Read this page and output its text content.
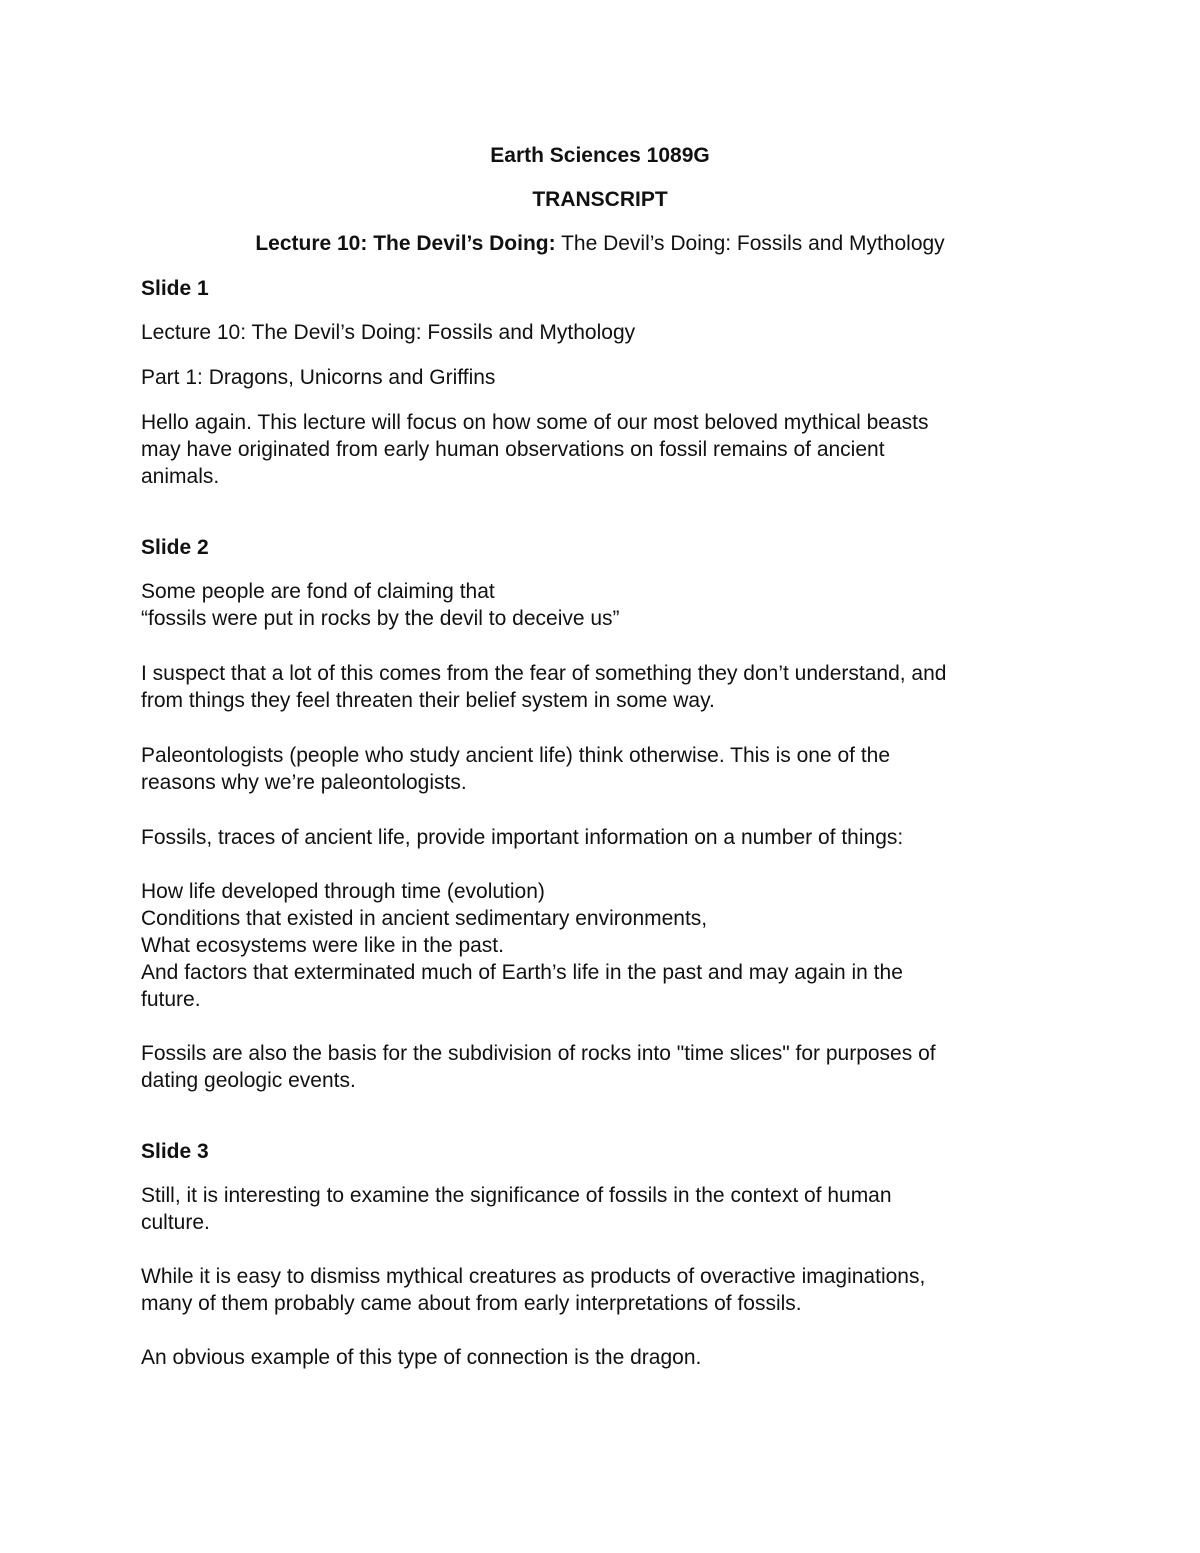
Earth Sciences 1089G
TRANSCRIPT
Lecture 10: The Devil’s Doing: The Devil’s Doing: Fossils and Mythology
Slide 1
Lecture 10: The Devil’s Doing: Fossils and Mythology
Part 1: Dragons, Unicorns and Griffins
Hello again. This lecture will focus on how some of our most beloved mythical beasts
may have originated from early human observations on fossil remains of ancient
animals.
Slide 2
Some people are fond of claiming that
“fossils were put in rocks by the devil to deceive us”
I suspect that a lot of this comes from the fear of something they don’t understand, and
from things they feel threaten their belief system in some way.
Paleontologists (people who study ancient life) think otherwise. This is one of the
reasons why we’re paleontologists.
Fossils, traces of ancient life, provide important information on a number of things:
How life developed through time (evolution)
Conditions that existed in ancient sedimentary environments,
What ecosystems were like in the past.
And factors that exterminated much of Earth’s life in the past and may again in the
future.
Fossils are also the basis for the subdivision of rocks into "time slices" for purposes of
dating geologic events.
Slide 3
Still, it is interesting to examine the significance of fossils in the context of human
culture.
While it is easy to dismiss mythical creatures as products of overactive imaginations,
many of them probably came about from early interpretations of fossils.
An obvious example of this type of connection is the dragon.
